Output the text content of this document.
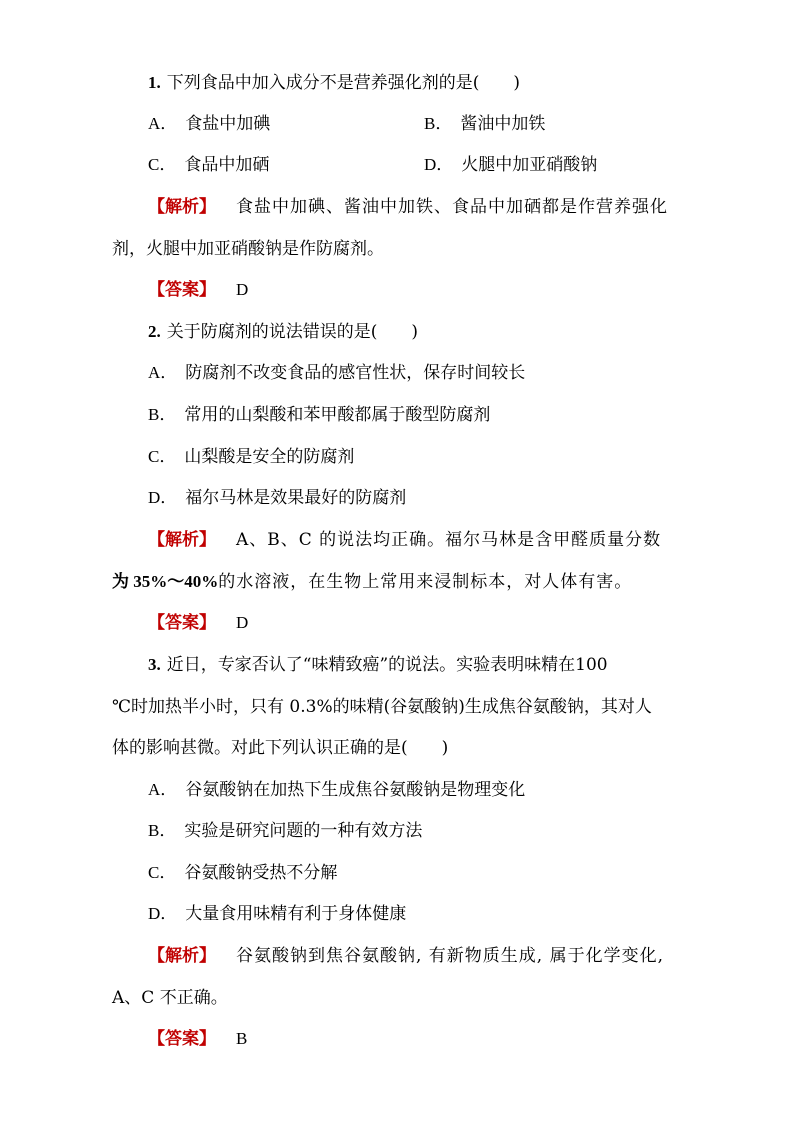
1. 下列食品中加入成分不是营养强化剂的是(　　)
A． 食盐中加碘	B． 酱油中加铁
C． 食品中加硒	D． 火腿中加亚硝酸钠
【解析】 食盐中加碘、酱油中加铁、食品中加硒都是作营养强化
剂，火腿中加亚硝酸钠是作防腐剂。
【答案】 D
2. 关于防腐剂的说法错误的是(　　)
A． 防腐剂不改变食品的感官性状，保存时间较长
B． 常用的山梨酸和苯甲酸都属于酸型防腐剂
C． 山梨酸是安全的防腐剂
D． 福尔马林是效果最好的防腐剂
【解析】 A、B、C 的说法均正确。福尔马林是含甲醛质量分数
为 35%～40%的水溶液，在生物上常用来浸制标本，对人体有害。
【答案】 D
3. 近日，专家否认了“味精致癌”的说法。实验表明味精在100
℃时加热半小时，只有 0.3%的味精(谷氨酸钠)生成焦谷氨酸钠，其对人
体的影响甚微。对此下列认识正确的是(　　)
A． 谷氨酸钠在加热下生成焦谷氨酸钠是物理变化
B． 实验是研究问题的一种有效方法
C． 谷氨酸钠受热不分解
D． 大量食用味精有利于身体健康
【解析】 谷氨酸钠到焦谷氨酸钠, 有新物质生成, 属于化学变化,
A、C 不正确。
【答案】 B
